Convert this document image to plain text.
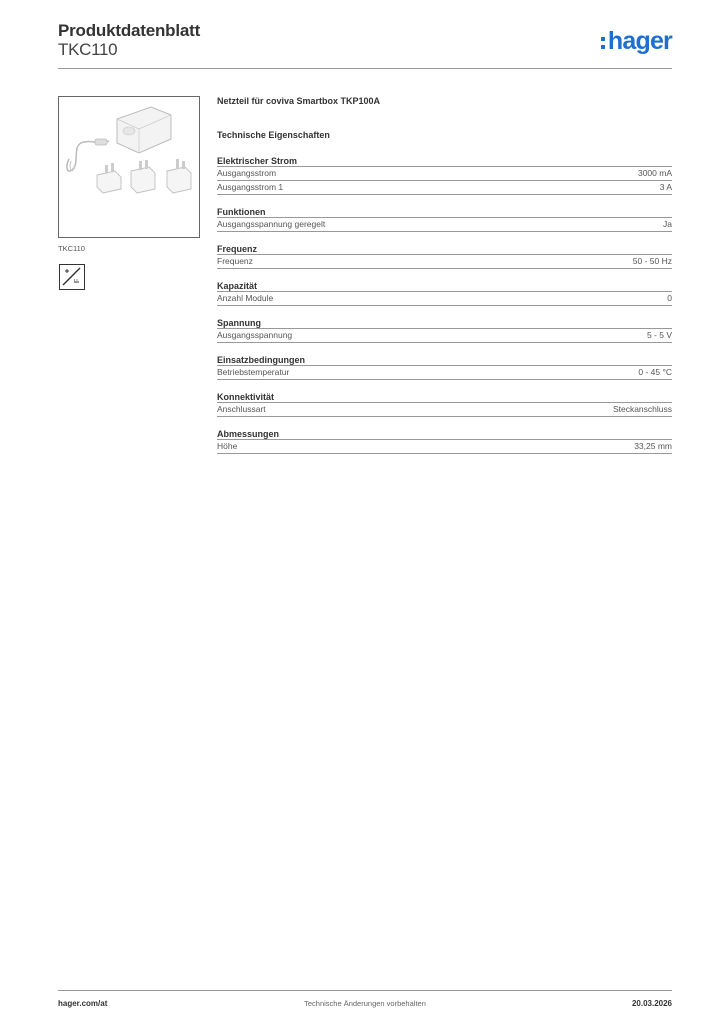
Produktdatenblatt
TKC110	hager
TKC110
Netzteil für coviva Smartbox TKP100A
Technische Eigenschaften
Elektrischer Strom
Ausgangsstrom	3000 mA
Ausgangsstrom 1	3 A
Funktionen
Ausgangsspannung geregelt	Ja
Frequenz
Frequenz	50 - 50 Hz
Kapazität
Anzahl Module	0
Spannung
Ausgangsspannung	5 - 5 V
Einsatzbedingungen
Betriebstemperatur	0 - 45 °C
Konnektivität
Anschlussart	Steckanschluss
Abmessungen
Höhe	33,25 mm
hager.com/at	Technische Änderungen vorbehalten	20.03.2026
